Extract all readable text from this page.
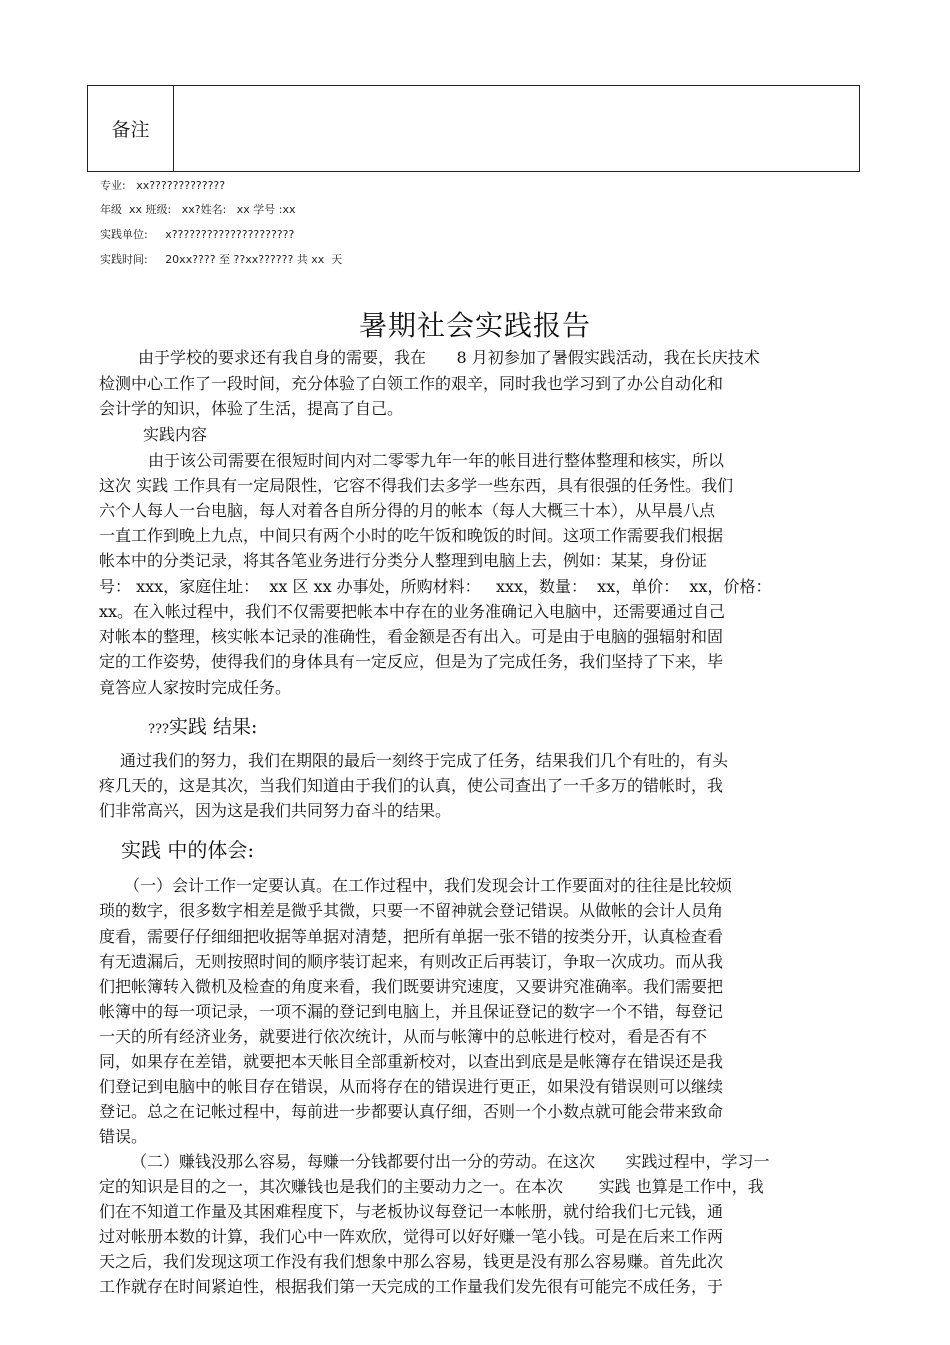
备注
专业:   xx?????????????
年级  xx 班级:   xx?姓名:   xx 学号 :xx
实践单位:     x?????????????????????
实践时间:     20xx???? 至 ??xx?????? 共 xx  天
暑期社会实践报告
由于学校的要求还有我自身的需要，我在      8 月初参加了暑假实践活动，我在长庆技术
检测中心工作了一段时间，充分体验了白领工作的艰辛，同时我也学习到了办公自动化和
会计学的知识，体验了生活，提高了自己。
实践内容
由于该公司需要在很短时间内对二零零九年一年的帐目进行整体整理和核实，所以
这次 实践 工作具有一定局限性，它容不得我们去多学一些东西，具有很强的任务性。我们
六个人每人一台电脑，每人对着各自所分得的月的帐本（每人大概三十本），从早晨八点
一直工作到晚上九点，中间只有两个小时的吃午饭和晚饭的时间。这项工作需要我们根据
帐本中的分类记录，将其各笔业务进行分类分人整理到电脑上去，例如：某某，身份证
号： xxx，家庭住址：  xx 区 xx 办事处，所购材料：   xxx，数量：  xx，单价：  xx，价格：
xx。在入帐过程中，我们不仅需要把帐本中存在的业务准确记入电脑中，还需要通过自己
对帐本的整理，核实帐本记录的准确性，看金额是否有出入。可是由于电脑的强辐射和固
定的工作姿势，使得我们的身体具有一定反应，但是为了完成任务，我们坚持了下来，毕
竟答应人家按时完成任务。
???实践 结果:
通过我们的努力，我们在期限的最后一刻终于完成了任务，结果我们几个有吐的，有头
疼几天的，这是其次，当我们知道由于我们的认真，使公司查出了一千多万的错帐时，我
们非常高兴，因为这是我们共同努力奋斗的结果。
实践 中的体会:
（一）会计工作一定要认真。在工作过程中，我们发现会计工作要面对的往往是比较烦
琐的数字，很多数字相差是微乎其微，只要一不留神就会登记错误。从做帐的会计人员角
度看，需要仔仔细细把收据等单据对清楚，把所有单据一张不错的按类分开，认真检查看
有无遗漏后，无则按照时间的顺序装订起来，有则改正后再装订，争取一次成功。而从我
们把帐簿转入微机及检查的角度来看，我们既要讲究速度，又要讲究准确率。我们需要把
帐簿中的每一项记录，一项不漏的登记到电脑上，并且保证登记的数字一个不错，每登记
一天的所有经济业务，就要进行依次统计，从而与帐簿中的总帐进行校对，看是否有不
同，如果存在差错，就要把本天帐目全部重新校对，以查出到底是是帐簿存在错误还是我
们登记到电脑中的帐目存在错误，从而将存在的错误进行更正，如果没有错误则可以继续
登记。总之在记帐过程中，每前进一步都要认真仔细，否则一个小数点就可能会带来致命
错误。
（二）赚钱没那么容易，每赚一分钱都要付出一分的劳动。在这次      实践过程中，学习一
定的知识是目的之一，其次赚钱也是我们的主要动力之一。在本次       实践 也算是工作中，我
们在不知道工作量及其困难程度下，与老板协议每登记一本帐册，就付给我们七元钱，通
过对帐册本数的计算，我们心中一阵欢欣，觉得可以好好赚一笔小钱。可是在后来工作两
天之后，我们发现这项工作没有我们想象中那么容易，钱更是没有那么容易赚。首先此次
工作就存在时间紧迫性，根据我们第一天完成的工作量我们发先很有可能完不成任务，于
